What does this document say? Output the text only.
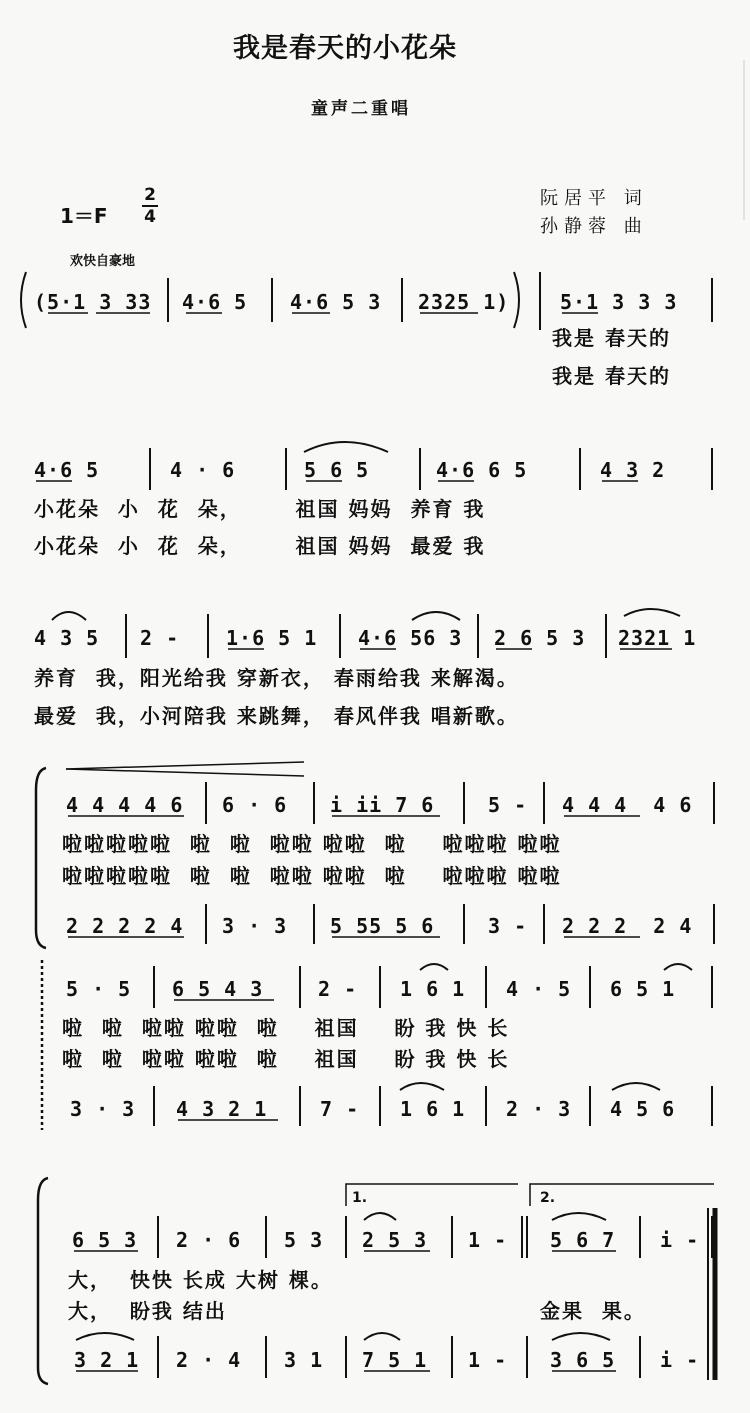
我是春天的小花朵
童声二重唱
1＝F
2
4
阮居平 词
孙静蓉 曲
欢快自豪地
(5·1 3 33 4·6 5 4·6 5 3 2325 1)	5·1 3 3 3
我是 春天的
我是 春天的
4·6 5	4 · 6	5 6 5	4·6 6 5	4 3 2
小花朵  小  花  朵，      祖国 妈妈  养育 我
小花朵  小  花  朵，      祖国 妈妈  最爱 我
4 3 5 2 - 1·6 5 1 4·6 56 3 2 6 5 3 2321 1
养育  我，阳光给我 穿新衣， 春雨给我 来解渴。
最爱  我，小河陪我 来跳舞， 春风伴我 唱新歌。
4 4 4 4 6 6 · 6 i ii 7 6	5 - 4 4 4  4 6
啦啦啦啦啦  啦  啦  啦啦 啦啦  啦    啦啦啦 啦啦
啦啦啦啦啦  啦  啦  啦啦 啦啦  啦    啦啦啦 啦啦
2 2 2 2 4 3 · 3 5 55 5 6	3 - 2 2 2  2 4
5 · 5 6 5 4 3	2 - 1 6 1 4 · 5 6 5 1
啦  啦  啦啦 啦啦  啦    祖国    盼 我 快 长
啦  啦  啦啦 啦啦  啦    祖国    盼 我 快 长
3 · 3 4 3 2 1	7 - 1 6 1 2 · 3 4 5 6
1.	2.
6 5 3 2 · 6 5 3 2 5 3 1 - 5 6 7 i -
大，  快快 长成 大树 棵。
大，  盼我 结出	金果  果。
3 2 1 2 · 4 3 1 7 5 1 1 - 3 6 5 i -
